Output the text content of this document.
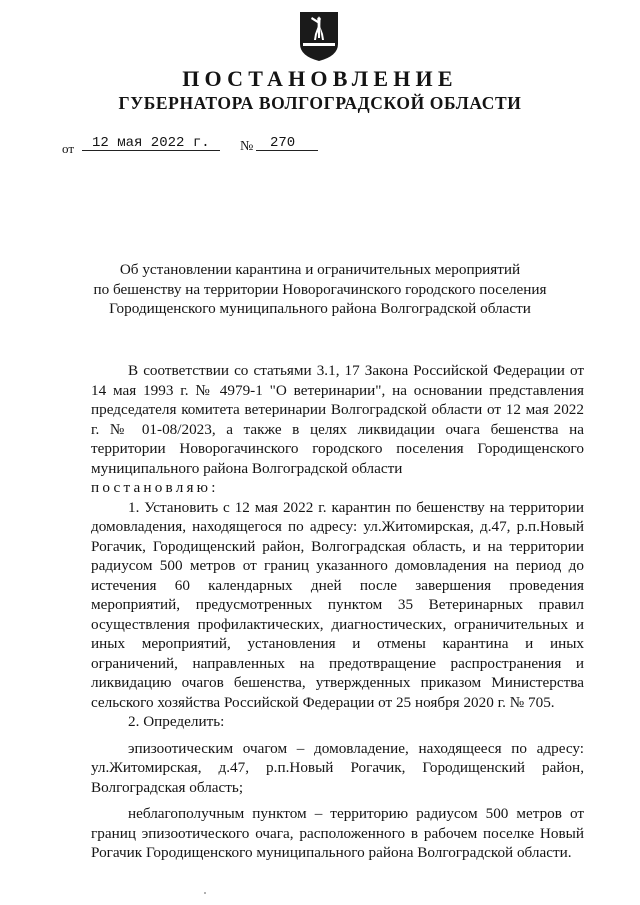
ПОСТАНОВЛЕНИЕ
ГУБЕРНАТОРА ВОЛГОГРАДСКОЙ ОБЛАСТИ
от 12 мая 2022 г. № 270
Об установлении карантина и ограничительных мероприятий
по бешенству на территории Новорогачинского городского поселения
Городищенского муниципального района Волгоградской области

В соответствии со статьями 3.1, 17 Закона Российской Федерации от 14 мая 1993 г. № 4979-1 "О ветеринарии", на основании представления председателя комитета ветеринарии Волгоградской области от 12 мая 2022 г. № 01-08/2023, а также в целях ликвидации очага бешенства на территории Новорогачинского городского поселения Городищенского муниципального района Волгоградской области

постановляю:

1. Установить с 12 мая 2022 г. карантин по бешенству на территории домовладения, находящегося по адресу: ул.Житомирская, д.47, р.п.Новый Рогачик, Городищенский район, Волгоградская область, и на территории радиусом 500 метров от границ указанного домовладения на период до истечения 60 календарных дней после завершения проведения мероприятий, предусмотренных пунктом 35 Ветеринарных правил осуществления профилактических, диагностических, ограничительных и иных мероприятий, установления и отмены карантина и иных ограничений, направленных на предотвращение распространения и ликвидацию очагов бешенства, утвержденных приказом Министерства сельского хозяйства Российской Федерации от 25 ноября 2020 г. № 705.

2. Определить:

эпизоотическим очагом – домовладение, находящееся по адресу: ул.Житомирская, д.47, р.п.Новый Рогачик, Городищенский район, Волгоградская область;

неблагополучным пунктом – территорию радиусом 500 метров от границ эпизоотического очага, расположенного в рабочем поселке Новый Рогачик Городищенского муниципального района Волгоградской области.
